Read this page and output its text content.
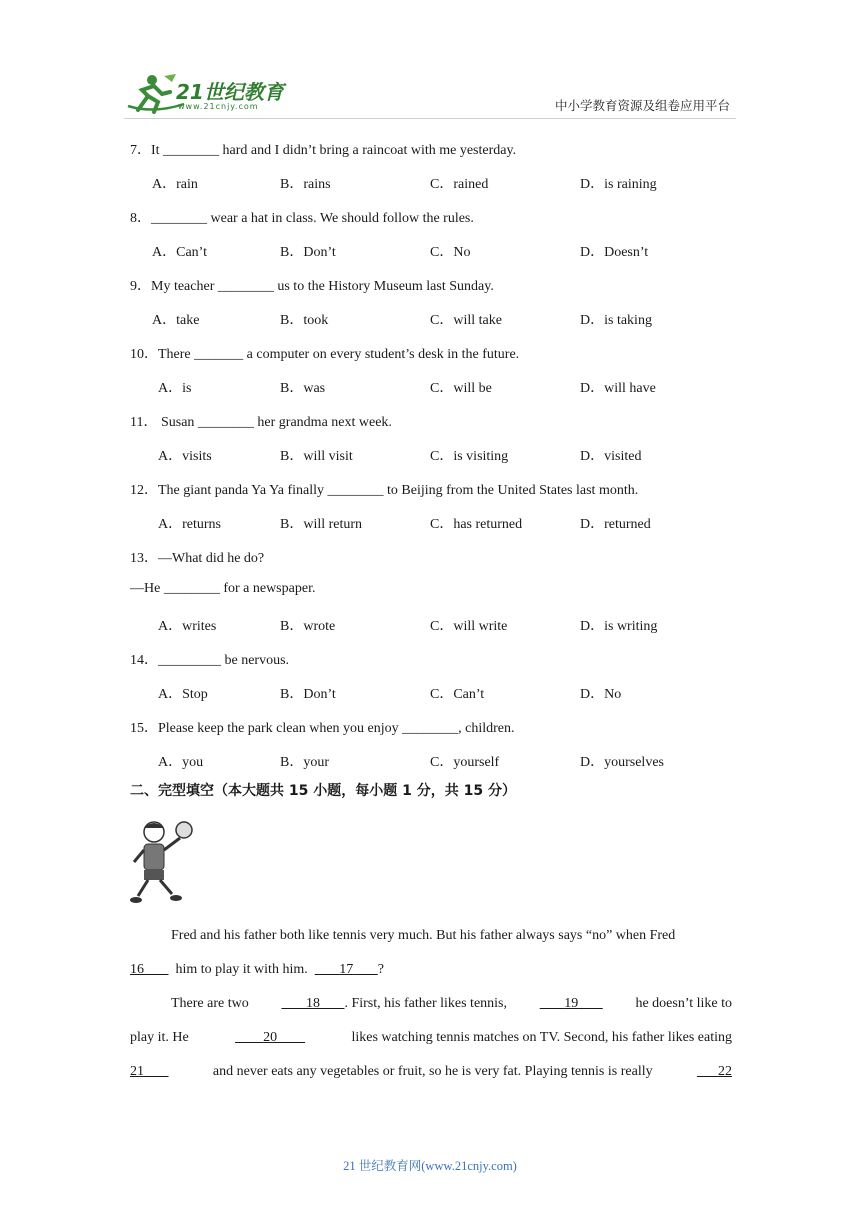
21世纪教育
www.21cnjy.com	中小学教育资源及组卷应用平台
7．It ________ hard and I didn’t bring a raincoat with me yesterday.
A．rain	B．rains	C．rained	D．is raining
8．________ wear a hat in class. We should follow the rules.
A．Can’t	B．Don’t	C．No	D．Doesn’t
9．My teacher ________ us to the History Museum last Sunday.
A．take	B．took	C．will take	D．is taking
10．There _______ a computer on every student’s desk in the future.
A．is	B．was	C．will be	D．will have
11． Susan ________ her grandma next week.
A．visits	B．will visit	C．is visiting	D．visited
12．The giant panda Ya Ya finally ________ to Beijing from the United States last month.
A．returns	B．will return	C．has returned	D．returned
13．—What did he do?
—He ________ for a newspaper.
A．writes	B．wrote	C．will write	D．is writing
14．_________ be nervous.
A．Stop	B．Don’t	C．Can’t	D．No
15．Please keep the park clean when you enjoy ________, children.
A．you	B．your	C．yourself	D．yourselves
二、完型填空（本大题共 15 小题，每小题 1 分，共 15 分）
Fred and his father both like tennis very much. But his father always says “no” when Fred
16 him to play it with him. 17 ?
There are two	18 . First, his father likes tennis,	19	he doesn’t like to
play it. He	20	likes watching tennis matches on TV. Second, his father likes eating
21	and never eats any vegetables or fruit, so he is very fat. Playing tennis is really	22
21 世纪教育网(www.21cnjy.com)
